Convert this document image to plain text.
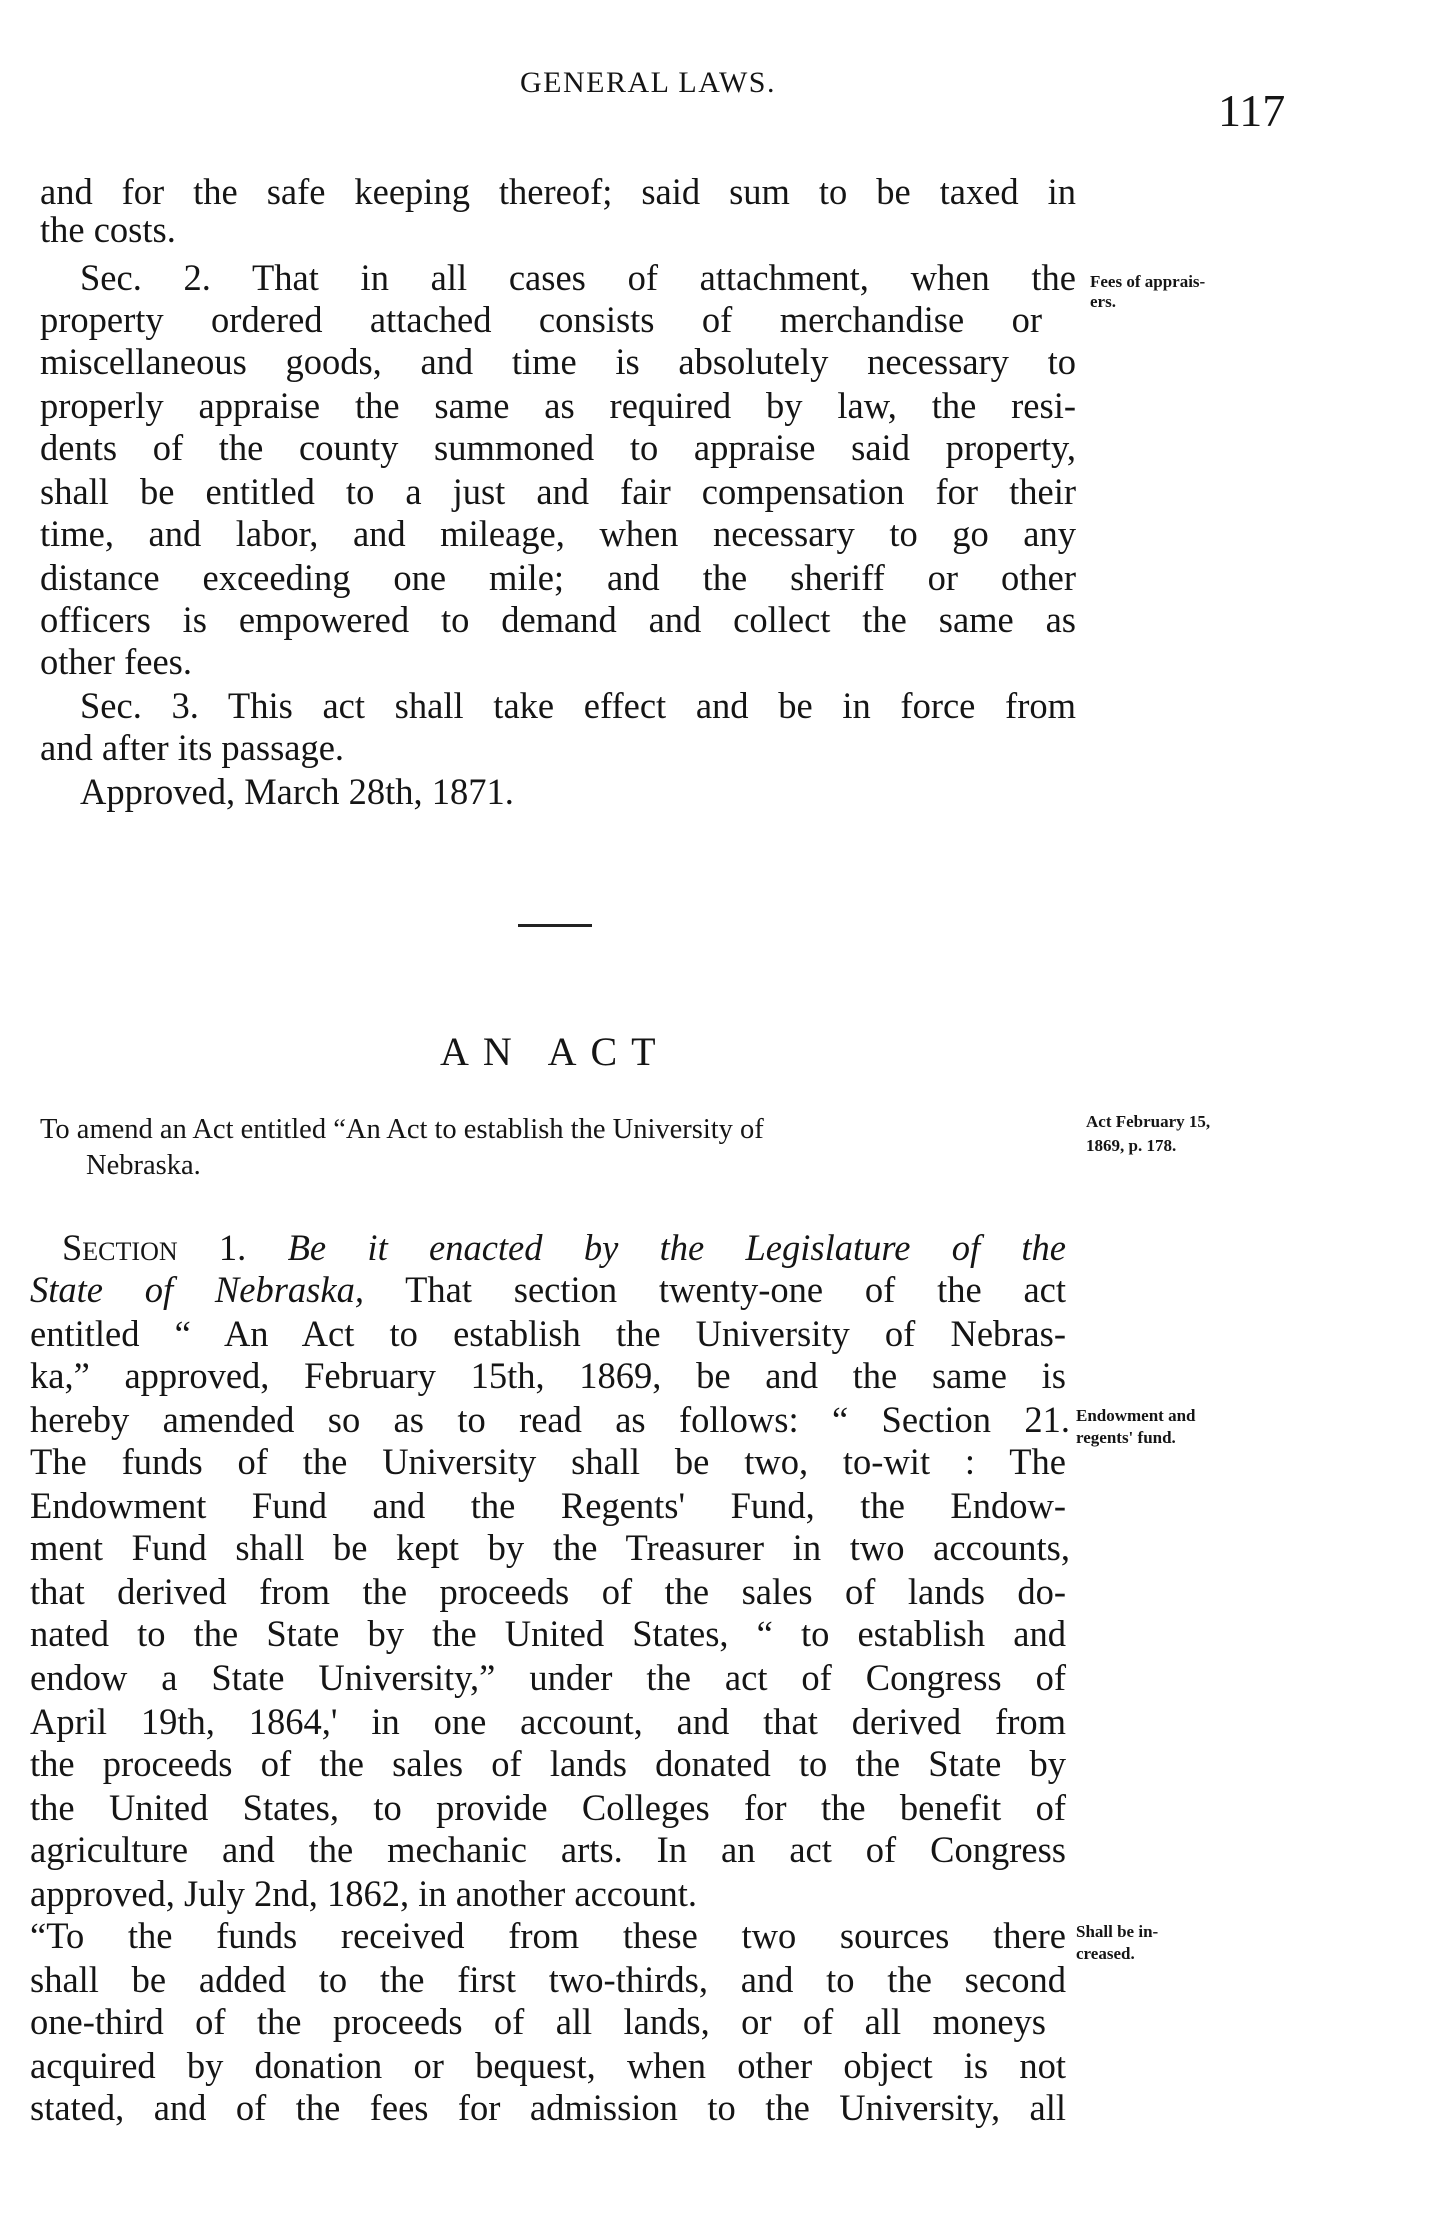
GENERAL LAWS.
117
and for the safe keeping thereof; said sum to be taxed in
the costs.
Sec. 2. That in all cases of attachment, when the
property ordered attached consists of merchandise or
miscellaneous goods, and time is absolutely necessary to
properly appraise the same as required by law, the resi-
dents of the county summoned to appraise said property,
shall be entitled to a just and fair compensation for their
time, and labor, and mileage, when necessary to go any
distance exceeding one mile; and the sheriff or other
officers is empowered to demand and collect the same as
other fees.
Sec. 3. This act shall take effect and be in force from
and after its passage.
Approved, March 28th, 1871.
Fees of apprais-
ers.
AN ACT
To amend an Act entitled “An Act to establish the University of
Nebraska.
Act February 15,
1869, p. 178.
Section 1. Be it enacted by the Legislature of the
State of Nebraska, That section twenty-one of the act
entitled “ An Act to establish the University of Nebras-
ka,” approved, February 15th, 1869, be and the same is
hereby amended so as to read as follows: “ Section 21.
The funds of the University shall be two, to-wit : The
Endowment Fund and the Regents' Fund, the Endow-
ment Fund shall be kept by the Treasurer in two accounts,
that derived from the proceeds of the sales of lands do-
nated to the State by the United States, “ to establish and
endow a State University,” under the act of Congress of
April 19th, 1864,' in one account, and that derived from
the proceeds of the sales of lands donated to the State by
the United States, to provide Colleges for the benefit of
agriculture and the mechanic arts. In an act of Congress
approved, July 2nd, 1862, in another account.
“To the funds received from these two sources there
shall be added to the first two-thirds, and to the second
one-third of the proceeds of all lands, or of all moneys
acquired by donation or bequest, when other object is not
stated, and of the fees for admission to the University, all
Endowment and
regents' fund.
Shall be in-
creased.
